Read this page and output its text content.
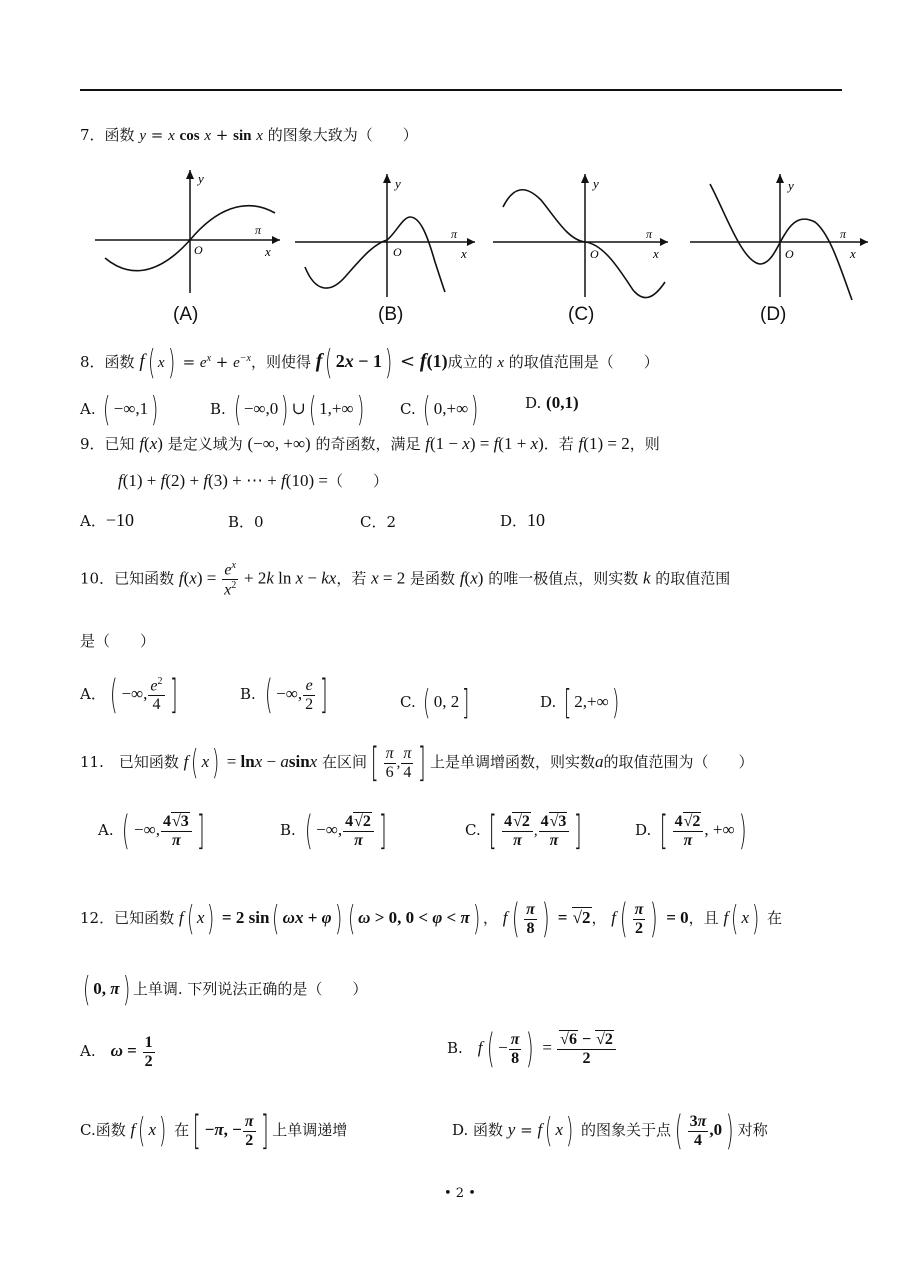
7．函数 y = x cos x + sin x 的图象大致为（　　）
y
O
π
x
y
O
π
x
y
O
π
x
y
O
π
x
(A)	(B)	(C)	(D)
8．函数 f( $x) = e^x + e^{-x}$，则使得 f( 2x − 1) < f(1)成立的 x 的取值范围是（　　）
A. ( −∞,1)	B. ( −∞,0) ∪( 1,+∞) C. ( 0,+∞)	D. (0,1)
9．已知 f(x) 是定义域为 (−∞, +∞) 的奇函数，满足 f(1 − x) = f(1 + x)．若 f(1) = 2，则
f(1) + f(2) + f(3) + ⋯ + f(10) =（　　）
A．−10	B．0	C．2	D．10
10．已知函数 $f(x) = \frac{e^x}{x^2} + 2k$ ln x − kx，若 x = 2 是函数 f(x) 的唯一极值点，则实数 k 的取值范围
是（　　）
A．( −∞, $\frac{e^2}{4}$ ]	B. ( −∞, $\frac{e}{2}$ ]	C. ( 0, 2]	D. [ 2,+∞)
11.　已知函数 f( x) = lnx − asinx 在区间[ $\frac{\pi}{6}$ , $\frac{\pi}{4}$ ] 上是单调增函数，则实数a的取值范围为（　　）
A. ( −∞, $\frac{4√3}{\pi}$ ]	B. ( −∞, $\frac{4√2}{\pi}$ ]	C. [ $\frac{4√2}{\pi}$ , $\frac{4√3}{\pi}$ ]	D. [ $\frac{4√2}{\pi}$ , +∞)
12．已知函数 f( x) = 2 sin( ωx + φ) ( ω > 0, 0 < φ < π) ， $f( \frac{\pi}{8}$ ) = √2， $f( \frac{\pi}{2}$ ) = 0，且 f( x) 在
( 0, π) 上单调. 下列说法正确的是（　　）
A.　$\omega = \frac{1}{2}$	B.　$f( - \frac{\pi}{8}$ ) = $\frac{√6 - √2}{2}$
C.函数 f( x) 在[ −π, − $\frac{\pi}{2}$ ] 上单调递增	D. 函数 y = f( x) 的图象关于点( $\frac{3\pi}{4} ,0$) 对称
• 2 •
